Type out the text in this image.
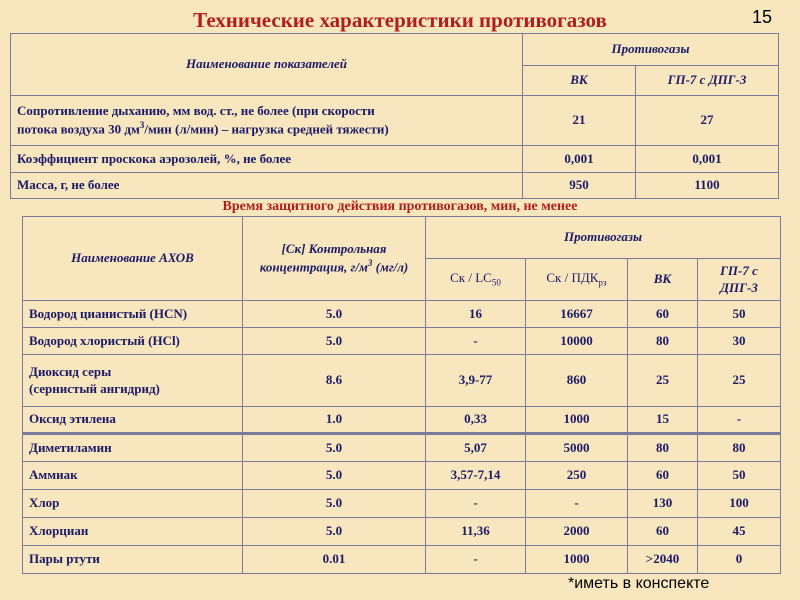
Технические характеристики противогазов	15
Наименование показателей	Противогазы	
	ВК	ГП-7 с ДПГ-3
Сопротивление дыханию, мм вод. ст., не более (при скорости
потока воздуха 30 $дм^3$/мин (л/мин) – нагрузка средней тяжести)	21	27
Коэффициент проскока аэрозолей, %, не более	0,001	0,001
Масса, г, не более	950	1100
Время защитного действия противогазов, мин, не менее
Наименование АХОВ	[Ск] Контрольная концентрация, $г/м^3$ (мг/л)	Противогазы			
		Ск / $LC_{50}$	Ск / $ПДК_{рз}$	ВК	ГП-7 с ДПГ-3
Водород цианистый (HCN)	5.0	16	16667	60	50
Водород хлористый (HCl)	5.0	-	10000	80	30
Диоксид серы
(сернистый ангидрид)	8.6	3,9-77	860	25	25
Оксид этилена	1.0	0,33	1000	15	-
Диметиламин	5.0	5,07	5000	80	80
Аммиак	5.0	3,57-7,14	250	60	50
Хлор	5.0	-	-	130	100
Хлорциан	5.0	11,36	2000	60	45
Пары ртути	0.01	-	1000	>2040	0
*иметь в конспекте
